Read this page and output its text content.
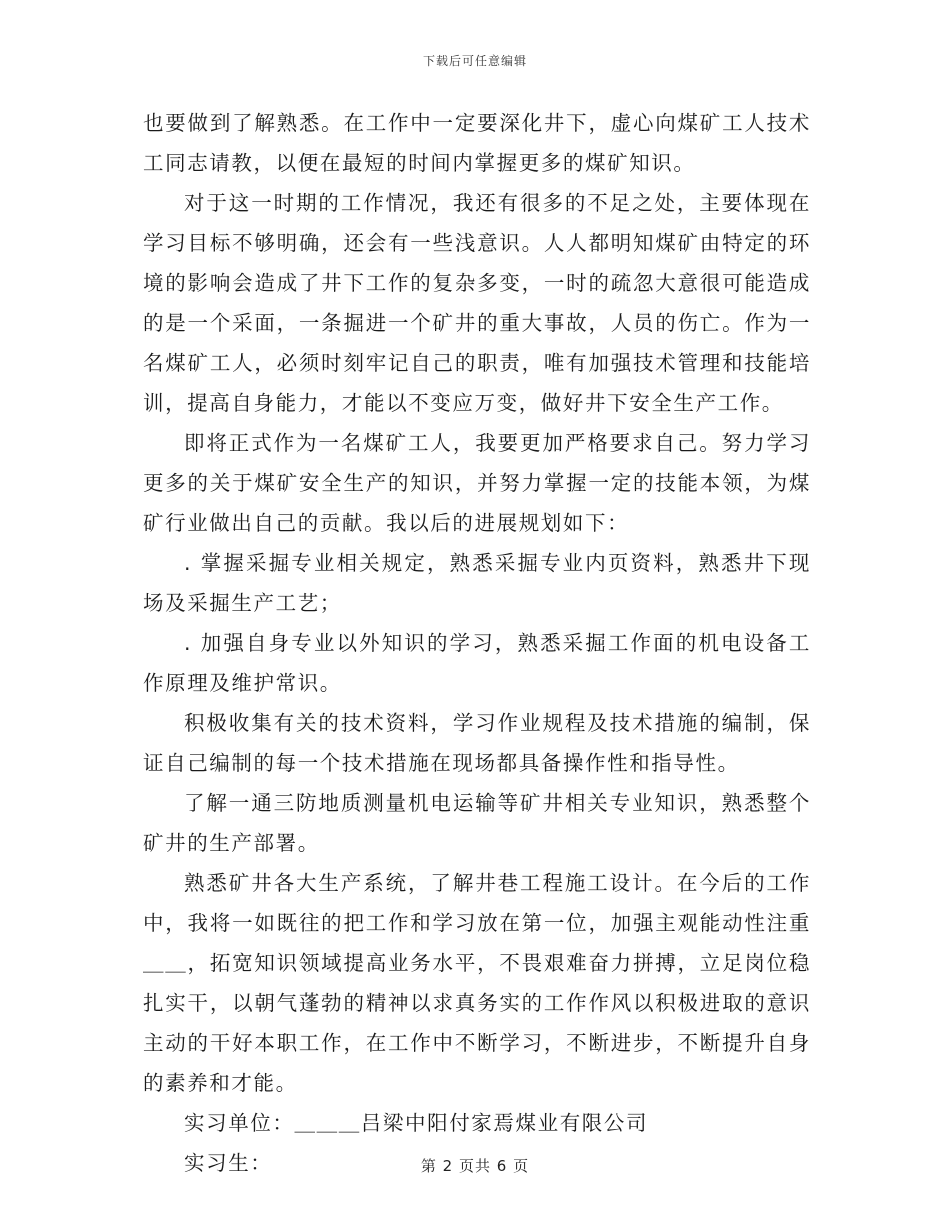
下载后可任意编辑

也要做到了解熟悉。在工作中一定要深化井下，虚心向煤矿工人技术工同志请教，以便在最短的时间内掌握更多的煤矿知识。

对于这一时期的工作情况，我还有很多的不足之处，主要体现在学习目标不够明确，还会有一些浅意识。人人都明知煤矿由特定的环境的影响会造成了井下工作的复杂多变，一时的疏忽大意很可能造成的是一个采面，一条掘进一个矿井的重大事故，人员的伤亡。作为一名煤矿工人，必须时刻牢记自己的职责，唯有加强技术管理和技能培训，提高自身能力，才能以不变应万变，做好井下安全生产工作。

即将正式作为一名煤矿工人，我要更加严格要求自己。努力学习更多的关于煤矿安全生产的知识，并努力掌握一定的技能本领，为煤矿行业做出自己的贡献。我以后的进展规划如下：

. 掌握采掘专业相关规定，熟悉采掘专业内页资料，熟悉井下现场及采掘生产工艺；

. 加强自身专业以外知识的学习，熟悉采掘工作面的机电设备工作原理及维护常识。

积极收集有关的技术资料，学习作业规程及技术措施的编制，保证自己编制的每一个技术措施在现场都具备操作性和指导性。

了解一通三防地质测量机电运输等矿井相关专业知识，熟悉整个矿井的生产部署。

熟悉矿井各大生产系统，了解井巷工程施工设计。在今后的工作中，我将一如既往的把工作和学习放在第一位，加强主观能动性注重＿＿，拓宽知识领域提高业务水平，不畏艰难奋力拼搏，立足岗位稳扎实干，以朝气蓬勃的精神以求真务实的工作作风以积极进取的意识主动的干好本职工作，在工作中不断学习，不断进步，不断提升自身的素养和才能。

实习单位：＿＿＿吕梁中阳付家焉煤业有限公司

实习生：	第 2 页共 6 页
